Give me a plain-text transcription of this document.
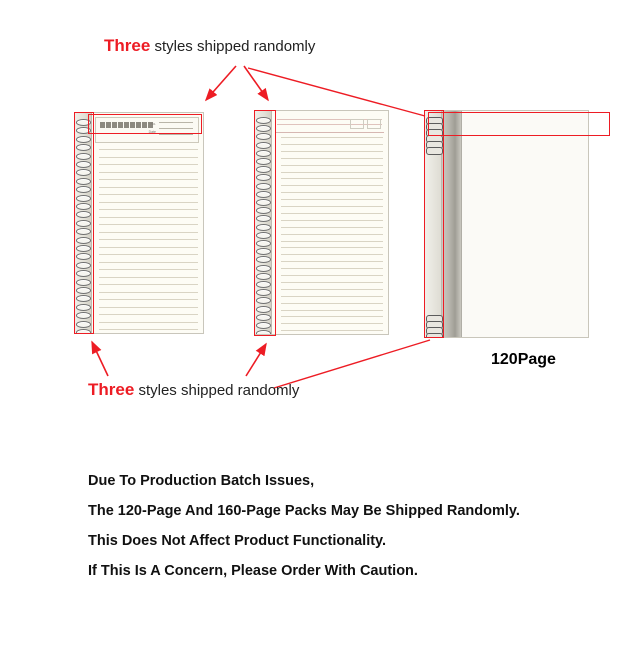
Three styles shipped randomly
No.
Date
Three styles shipped randomly
120Page
Due To Production Batch Issues,
The 120-Page And 160-Page Packs May Be Shipped Randomly.
This Does Not Affect Product Functionality.
If This Is A Concern, Please Order With Caution.
